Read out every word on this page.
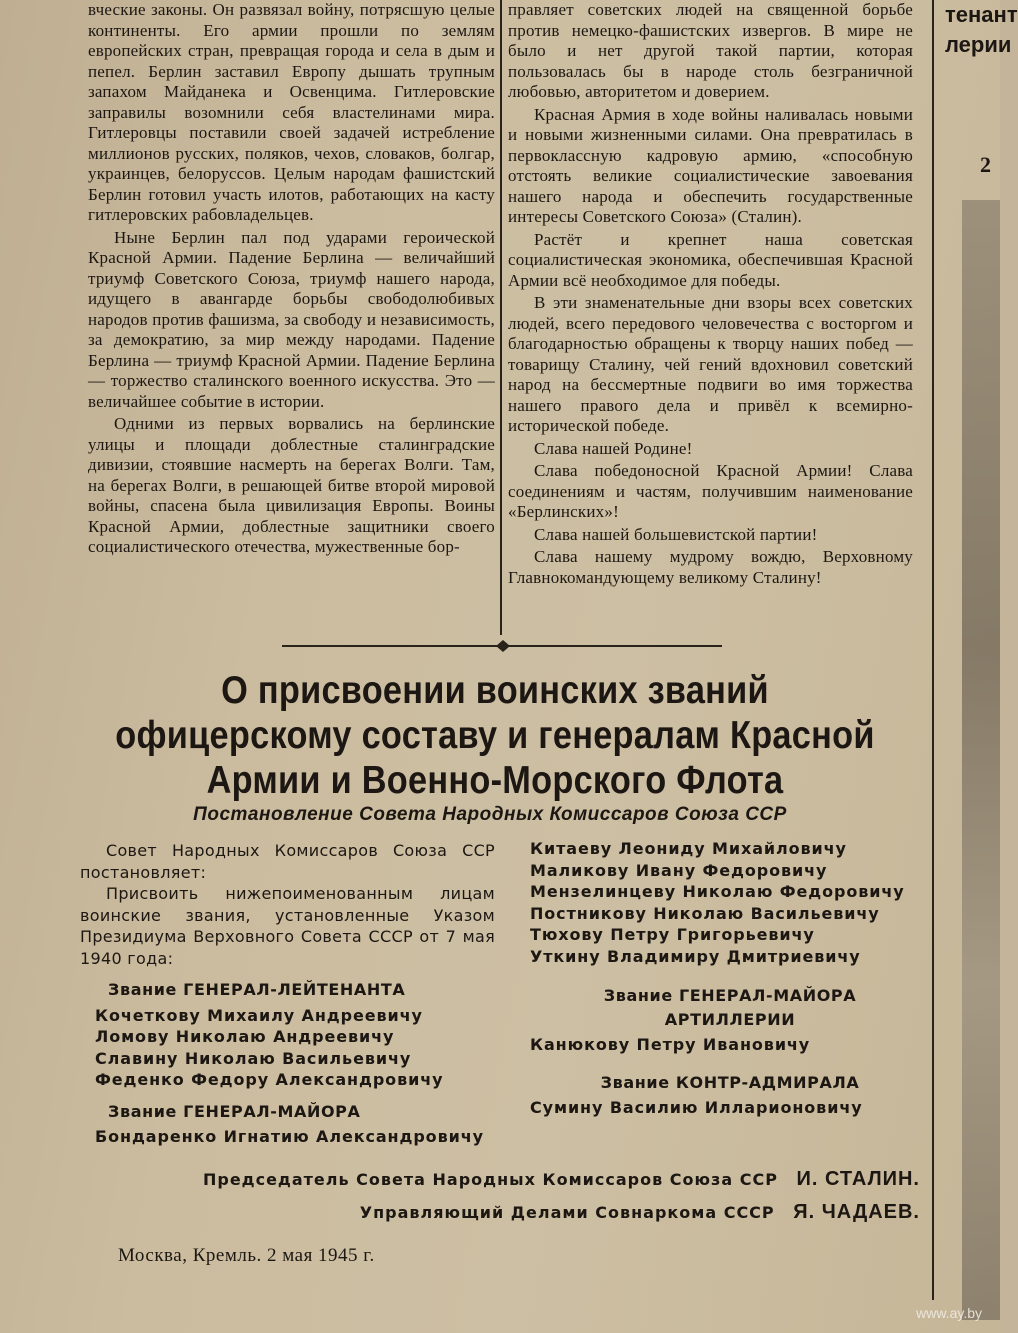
вческие законы. Он развязал войну, потрясшую целые континенты. Его армии прошли по землям европейских стран, превращая города и села в дым и пепел. Берлин заставил Европу дышать трупным запахом Майданека и Освенцима. Гитлеровские заправилы возомнили себя властелинами мира. Гитлеровцы поставили своей задачей истребление миллионов русских, поляков, чехов, словаков, болгар, украинцев, белоруссов. Целым народам фашистский Берлин готовил участь илотов, работающих на касту гитлеровских рабовладельцев.

Ныне Берлин пал под ударами героической Красной Армии. Падение Берлина — величайший триумф Советского Союза, триумф нашего народа, идущего в авангарде борьбы свободолюбивых народов против фашизма, за свободу и независимость, за демократию, за мир между народами. Падение Берлина — триумф Красной Армии. Падение Берлина — торжество сталинского военного искусства. Это — величайшее событие в истории.

Одними из первых ворвались на берлинские улицы и площади доблестные сталинградские дивизии, стоявшие насмерть на берегах Волги. Там, на берегах Волги, в решающей битве второй мировой войны, спасена была цивилизация Европы. Воины Красной Армии, доблестные защитники своего социалистического отечества, мужественные бор-

правляет советских людей на священной борьбе против немецко-фашистских извергов. В мире не было и нет другой такой партии, которая пользовалась бы в народе столь безграничной любовью, авторитетом и доверием.

Красная Армия в ходе войны наливалась новыми и новыми жизненными силами. Она превратилась в первоклассную кадровую армию, «способную отстоять великие социалистические завоевания нашего народа и обеспечить государственные интересы Советского Союза» (Сталин).

Растёт и крепнет наша советская социалистическая экономика, обеспечившая Красной Армии всё необходимое для победы.

В эти знаменательные дни взоры всех советских людей, всего передового человечества с восторгом и благодарностью обращены к творцу наших побед — товарищу Сталину, чей гений вдохновил советский народ на бессмертные подвиги во имя торжества нашего правого дела и привёл к всемирно-исторической победе.

Слава нашей Родине!

Слава победоносной Красной Армии! Слава соединениям и частям, получившим наименование «Берлинских»!

Слава нашей большевистской партии!

Слава нашему мудрому вождю, Верховному Главнокомандующему великому Сталину!

тенант
лерии
2
О присвоении воинских званий офицерскому составу и генералам Красной Армии и Военно-Морского Флота
Постановление Совета Народных Комиссаров Союза ССР
Совет Народных Комиссаров Союза ССР постановляет:
Присвоить нижепоименованным лицам воинские звания, установленные Указом Президиума Верховного Совета СССР от 7 мая 1940 года:
Звание ГЕНЕРАЛ-ЛЕЙТЕНАНТА
Кочеткову Михаилу Андреевичу
Ломову Николаю Андреевичу
Славину Николаю Васильевичу
Феденко Федору Александровичу
Звание ГЕНЕРАЛ-МАЙОРА
Бондаренко Игнатию Александровичу
Китаеву Леониду Михайловичу
Маликову Ивану Федоровичу
Мензелинцеву Николаю Федоровичу
Постникову Николаю Васильевичу
Тюхову Петру Григорьевичу
Уткину Владимиру Дмитриевичу
Звание ГЕНЕРАЛ-МАЙОРА
АРТИЛЛЕРИИ
Канюкову Петру Ивановичу
Звание КОНТР-АДМИРАЛА
Сумину Василию Илларионовичу
Председатель Совета Народных Комиссаров Союза ССР И. СТАЛИН.
Управляющий Делами Совнаркома СССР Я. ЧАДАЕВ.
Москва, Кремль. 2 мая 1945 г.
www.ay.by
